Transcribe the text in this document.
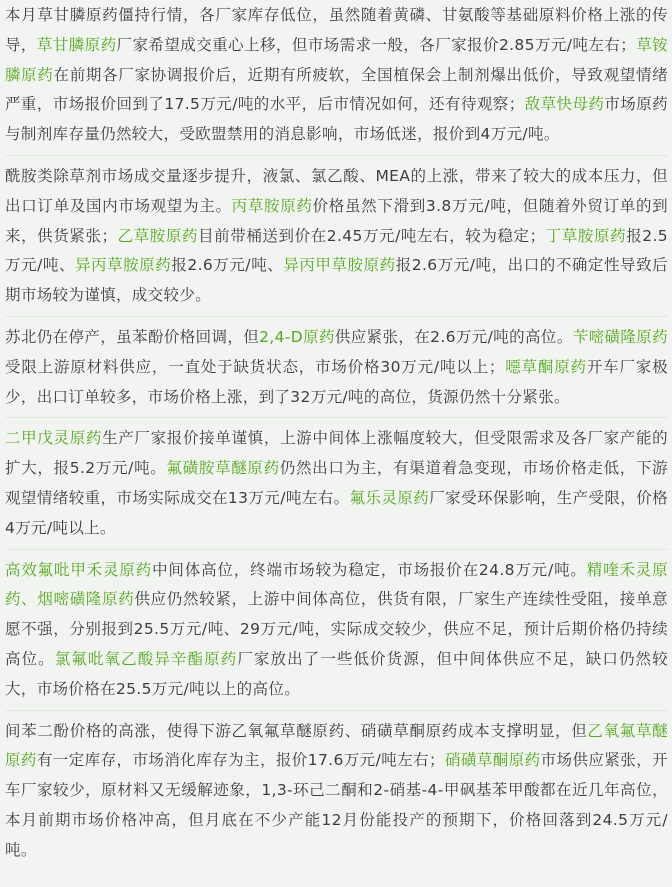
本月草甘膦原药僵持行情，各厂家库存低位，虽然随着黄磷、甘氨酸等基础原料价格上涨的传导，草甘膦原药厂家希望成交重心上移，但市场需求一般，各厂家报价2.85万元/吨左右；草铵膦原药在前期各厂家协调报价后，近期有所疲软，全国植保会上制剂爆出低价，导致观望情绪严重，市场报价回到了17.5万元/吨的水平，后市情况如何，还有待观察；敌草快母药市场原药与制剂库存量仍然较大，受欧盟禁用的消息影响，市场低迷，报价到4万元/吨。

酰胺类除草剂市场成交量逐步提升，液氯、氯乙酸、MEA的上涨，带来了较大的成本压力，但出口订单及国内市场观望为主。丙草胺原药价格虽然下滑到3.8万元/吨，但随着外贸订单的到来，供货紧张；乙草胺原药目前带桶送到价在2.45万元/吨左右，较为稳定；丁草胺原药报2.5万元/吨、异丙草胺原药报2.6万元/吨、异丙甲草胺原药报2.6万元/吨，出口的不确定性导致后期市场较为谨慎，成交较少。

苏北仍在停产，虽苯酚价格回调，但2,4-D原药供应紧张，在2.6万元/吨的高位。苄嘧磺隆原药受限上游原材料供应，一直处于缺货状态，市场价格30万元/吨以上；噁草酮原药开车厂家极少，出口订单较多，市场价格上涨，到了32万元/吨的高位，货源仍然十分紧张。

二甲戊灵原药生产厂家报价接单谨慎，上游中间体上涨幅度较大，但受限需求及各厂家产能的扩大，报5.2万元/吨。氟磺胺草醚原药仍然出口为主，有渠道着急变现，市场价格走低，下游观望情绪较重，市场实际成交在13万元/吨左右。氟乐灵原药厂家受环保影响，生产受限，价格4万元/吨以上。

高效氟吡甲禾灵原药中间体高位，终端市场较为稳定，市场报价在24.8万元/吨。精喹禾灵原药、烟嘧磺隆原药供应仍然较紧，上游中间体高位，供货有限，厂家生产连续性受阻，接单意愿不强，分别报到25.5万元/吨、29万元/吨，实际成交较少，供应不足，预计后期价格仍持续高位。氯氟吡氧乙酸异辛酯原药厂家放出了一些低价货源，但中间体供应不足，缺口仍然较大，市场价格在25.5万元/吨以上的高位。

间苯二酚价格的高涨，使得下游乙氧氟草醚原药、硝磺草酮原药成本支撑明显，但乙氧氟草醚原药有一定库存，市场消化库存为主，报价17.6万元/吨左右；硝磺草酮原药市场供应紧张，开车厂家较少，原材料又无缓解迹象，1,3-环己二酮和2-硝基-4-甲砜基苯甲酸都在近几年高位，本月前期市场价格冲高，但月底在不少产能12月份能投产的预期下，价格回落到24.5万元/吨。
